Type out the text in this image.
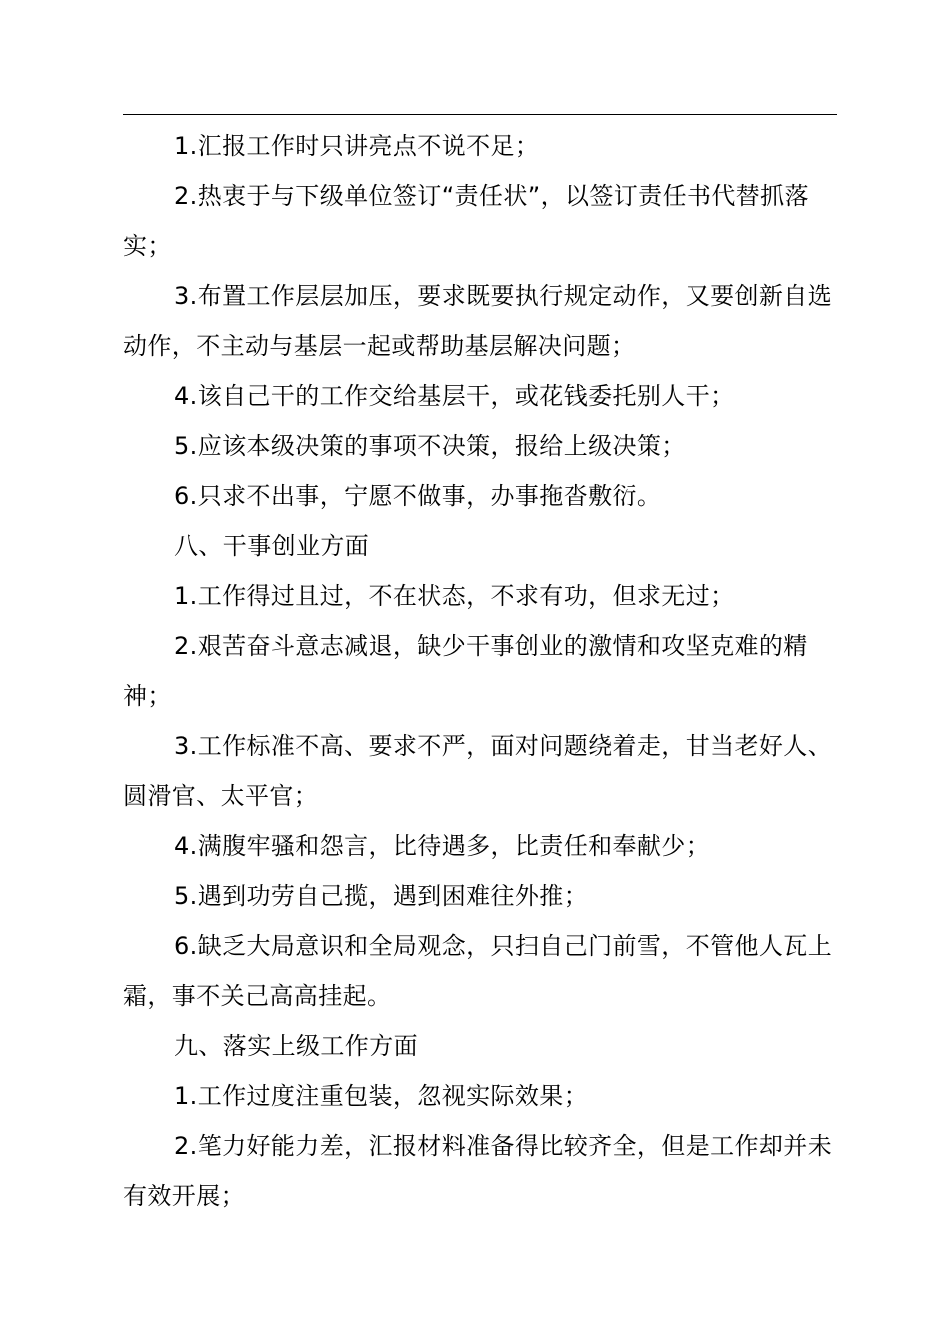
1.汇报工作时只讲亮点不说不足；

2.热衷于与下级单位签订“责任状”，以签订责任书代替抓落实；

3.布置工作层层加压，要求既要执行规定动作，又要创新自选动作，不主动与基层一起或帮助基层解决问题；

4.该自己干的工作交给基层干，或花钱委托别人干；

5.应该本级决策的事项不决策，报给上级决策；

6.只求不出事，宁愿不做事，办事拖沓敷衍。

八、干事创业方面

1.工作得过且过，不在状态，不求有功，但求无过；

2.艰苦奋斗意志减退，缺少干事创业的激情和攻坚克难的精神；

3.工作标准不高、要求不严，面对问题绕着走，甘当老好人、圆滑官、太平官；

4.满腹牢骚和怨言，比待遇多，比责任和奉献少；

5.遇到功劳自己揽，遇到困难往外推；

6.缺乏大局意识和全局观念，只扫自己门前雪，不管他人瓦上霜，事不关己高高挂起。

九、落实上级工作方面

1.工作过度注重包装，忽视实际效果；

2.笔力好能力差，汇报材料准备得比较齐全，但是工作却并未有效开展；
